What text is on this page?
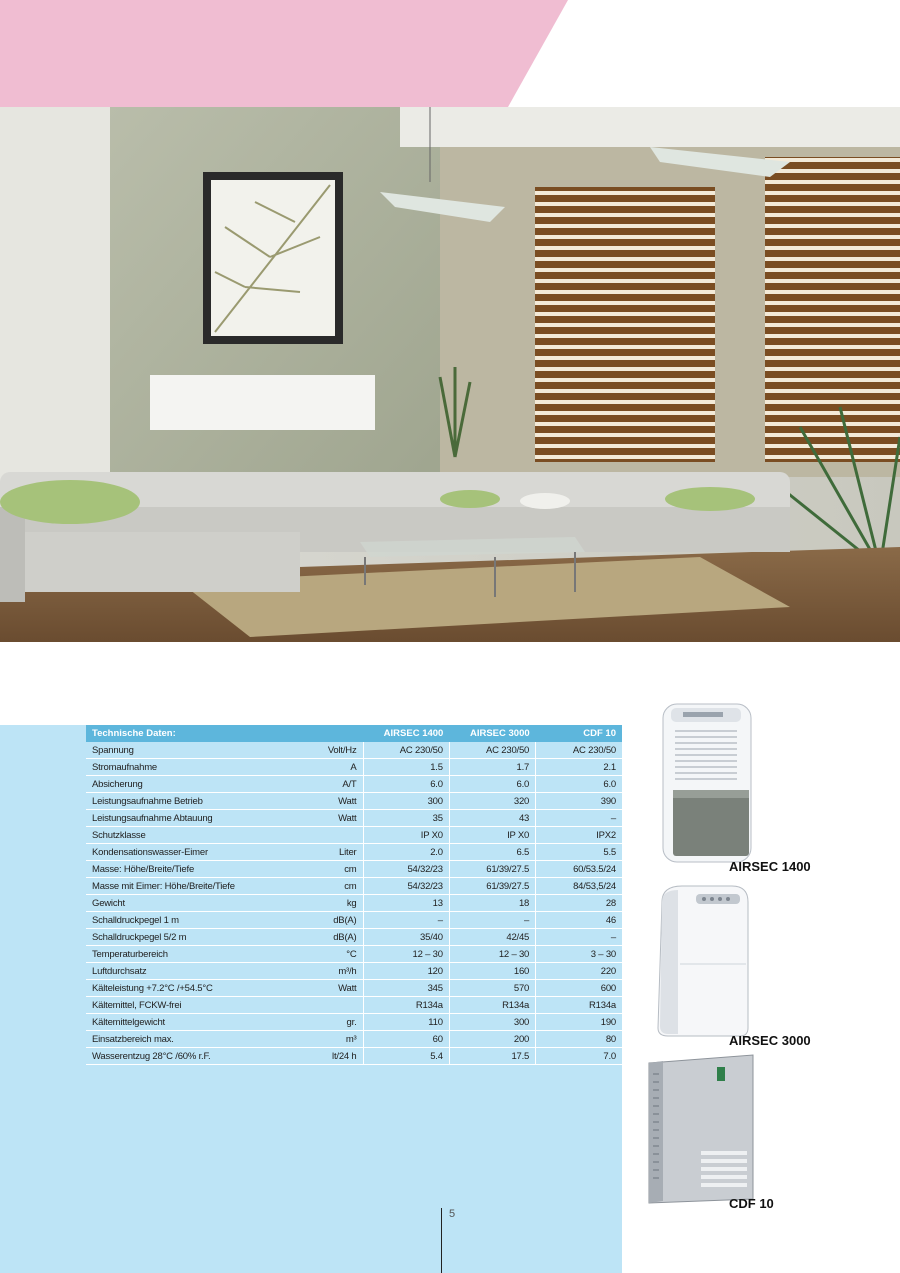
Technische Daten:		AIRSEC 1400	AIRSEC 3000	CDF 10
Spannung	Volt/Hz	AC 230/50	AC 230/50	AC 230/50
Stromaufnahme	A	1.5	1.7	2.1
Absicherung	A/T	6.0	6.0	6.0
Leistungsaufnahme Betrieb	Watt	300	320	390
Leistungsaufnahme Abtauung	Watt	35	43	–
Schutzklasse		IP X0	IP X0	IPX2
Kondensationswasser-Eimer	Liter	2.0	6.5	5.5
Masse: Höhe/Breite/Tiefe	cm	54/32/23	61/39/27.5	60/53.5/24
Masse mit Eimer: Höhe/Breite/Tiefe	cm	54/32/23	61/39/27.5	84/53,5/24
Gewicht	kg	13	18	28
Schalldruckpegel 1 m	dB(A)	–	–	46
Schalldruckpegel 5/2 m	dB(A)	35/40	42/45	–
Temperaturbereich	°C	12 – 30	12 – 30	3 – 30
Luftdurchsatz	m³/h	120	160	220
Kälteleistung +7.2°C /+54.5°C	Watt	345	570	600
Kältemittel, FCKW-frei		R134a	R134a	R134a
Kältemittelgewicht	gr.	110	300	190
Einsatzbereich max.	m³	60	200	80
Wasserentzug 28°C /60% r.F.	lt/24 h	5.4	17.5	7.0
AIRSEC 1400
AIRSEC 3000
CDF 10
5
